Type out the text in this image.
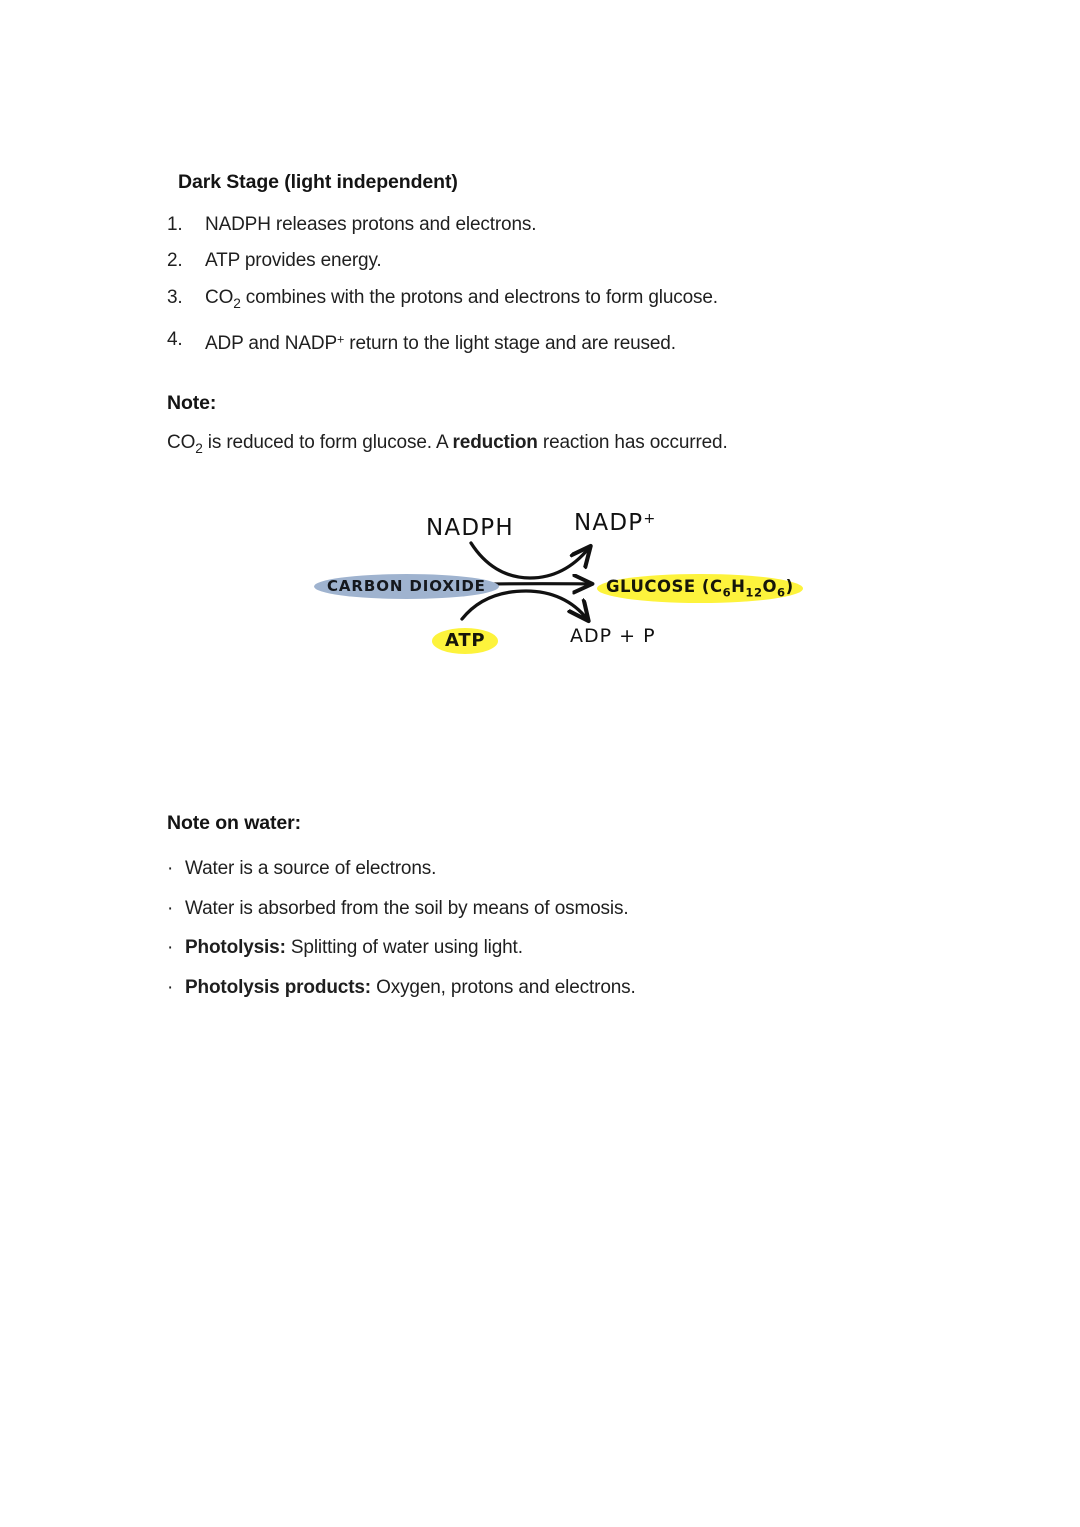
Dark Stage (light independent)
1.	NADPH releases protons and electrons.
2.	ATP provides energy.
3.	$CO_2$ combines with the protons and electrons to form glucose.
4.	ADP and NADP+ return to the light stage and are reused.
Note:
$CO_2$ is reduced to form glucose. A reduction reaction has occurred.
NADPH	NADP+
CARBON DIOXIDE	GLUCOSE $(C_6H_{12}O_6)$
ATP	ADP + P
Note on water:
· Water is a source of electrons.
· Water is absorbed from the soil by means of osmosis.
· Photolysis: Splitting of water using light.
· Photolysis products: Oxygen, protons and electrons.
